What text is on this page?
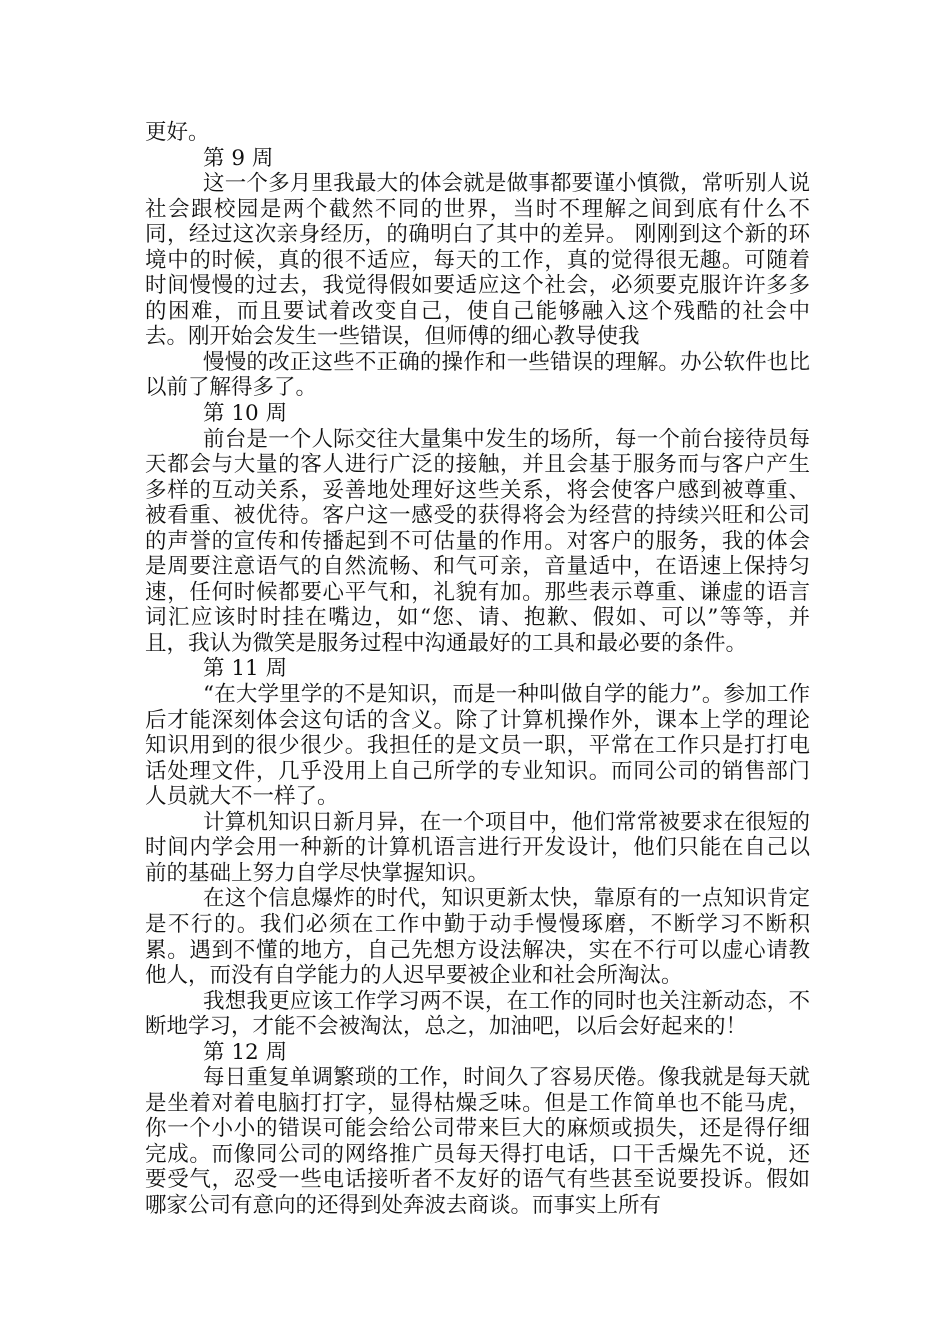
更好。

第 9 周

这一个多月里我最大的体会就是做事都要谨小慎微，常听别人说社会跟校园是两个截然不同的世界，当时不理解之间到底有什么不同，经过这次亲身经历，的确明白了其中的差异。 刚刚到这个新的环境中的时候，真的很不适应，每天的工作，真的觉得很无趣。可随着时间慢慢的过去，我觉得假如要适应这个社会，必须要克服许许多多的困难，而且要试着改变自己，使自己能够融入这个残酷的社会中去。刚开始会发生一些错误，但师傅的细心教导使我

慢慢的改正这些不正确的操作和一些错误的理解。办公软件也比以前了解得多了。

第 10 周

前台是一个人际交往大量集中发生的场所，每一个前台接待员每天都会与大量的客人进行广泛的接触，并且会基于服务而与客户产生多样的互动关系，妥善地处理好这些关系，将会使客户感到被尊重、被看重、被优待。客户这一感受的获得将会为经营的持续兴旺和公司的声誉的宣传和传播起到不可估量的作用。对客户的服务，我的体会是周要注意语气的自然流畅、和气可亲，音量适中，在语速上保持匀速，任何时候都要心平气和，礼貌有加。那些表示尊重、谦虚的语言词汇应该时时挂在嘴边，如“您、请、抱歉、假如、可以”等等，并且，我认为微笑是服务过程中沟通最好的工具和最必要的条件。

第 11 周

“在大学里学的不是知识，而是一种叫做自学的能力”。参加工作后才能深刻体会这句话的含义。除了计算机操作外，课本上学的理论知识用到的很少很少。我担任的是文员一职，平常在工作只是打打电话处理文件，几乎没用上自己所学的专业知识。而同公司的销售部门人员就大不一样了。

计算机知识日新月异，在一个项目中，他们常常被要求在很短的时间内学会用一种新的计算机语言进行开发设计，他们只能在自己以前的基础上努力自学尽快掌握知识。

在这个信息爆炸的时代，知识更新太快，靠原有的一点知识肯定是不行的。我们必须在工作中勤于动手慢慢琢磨，不断学习不断积累。遇到不懂的地方，自己先想方设法解决，实在不行可以虚心请教他人，而没有自学能力的人迟早要被企业和社会所淘汰。

我想我更应该工作学习两不误，在工作的同时也关注新动态，不断地学习，才能不会被淘汰，总之，加油吧，以后会好起来的！

第 12 周

每日重复单调繁琐的工作，时间久了容易厌倦。像我就是每天就是坐着对着电脑打打字，显得枯燥乏味。但是工作简单也不能马虎，你一个小小的错误可能会给公司带来巨大的麻烦或损失，还是得仔细完成。而像同公司的网络推广员每天得打电话，口干舌燥先不说，还要受气，忍受一些电话接听者不友好的语气有些甚至说要投诉。假如哪家公司有意向的还得到处奔波去商谈。而事实上所有
